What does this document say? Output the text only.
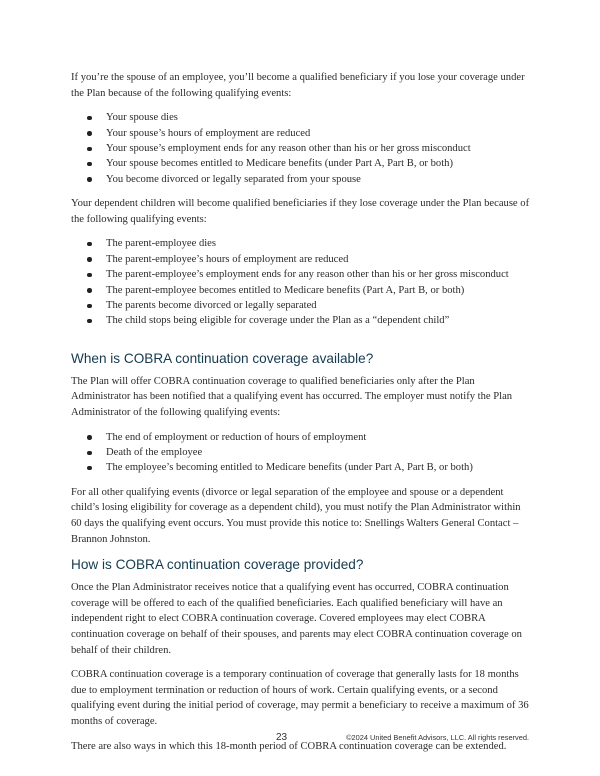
If you’re the spouse of an employee, you’ll become a qualified beneficiary if you lose your coverage under the Plan because of the following qualifying events:

Your spouse dies
Your spouse’s hours of employment are reduced
Your spouse’s employment ends for any reason other than his or her gross misconduct
Your spouse becomes entitled to Medicare benefits (under Part A, Part B, or both)
You become divorced or legally separated from your spouse

Your dependent children will become qualified beneficiaries if they lose coverage under the Plan because of the following qualifying events:

The parent-employee dies
The parent-employee’s hours of employment are reduced
The parent-employee’s employment ends for any reason other than his or her gross misconduct
The parent-employee becomes entitled to Medicare benefits (Part A, Part B, or both)
The parents become divorced or legally separated
The child stops being eligible for coverage under the Plan as a “dependent child”
When is COBRA continuation coverage available?

The Plan will offer COBRA continuation coverage to qualified beneficiaries only after the Plan Administrator has been notified that a qualifying event has occurred. The employer must notify the Plan Administrator of the following qualifying events:

The end of employment or reduction of hours of employment
Death of the employee
The employee’s becoming entitled to Medicare benefits (under Part A, Part B, or both)

For all other qualifying events (divorce or legal separation of the employee and spouse or a dependent child’s losing eligibility for coverage as a dependent child), you must notify the Plan Administrator within 60 days the qualifying event occurs. You must provide this notice to: Snellings Walters General Contact – Brannon Johnston.

How is COBRA continuation coverage provided?

Once the Plan Administrator receives notice that a qualifying event has occurred, COBRA continuation coverage will be offered to each of the qualified beneficiaries. Each qualified beneficiary will have an independent right to elect COBRA continuation coverage. Covered employees may elect COBRA continuation coverage on behalf of their spouses, and parents may elect COBRA continuation coverage on behalf of their children.

COBRA continuation coverage is a temporary continuation of coverage that generally lasts for 18 months due to employment termination or reduction of hours of work. Certain qualifying events, or a second qualifying event during the initial period of coverage, may permit a beneficiary to receive a maximum of 36 months of coverage.

There are also ways in which this 18-month period of COBRA continuation coverage can be extended.

23	©2024 United Benefit Advisors, LLC. All rights reserved.
